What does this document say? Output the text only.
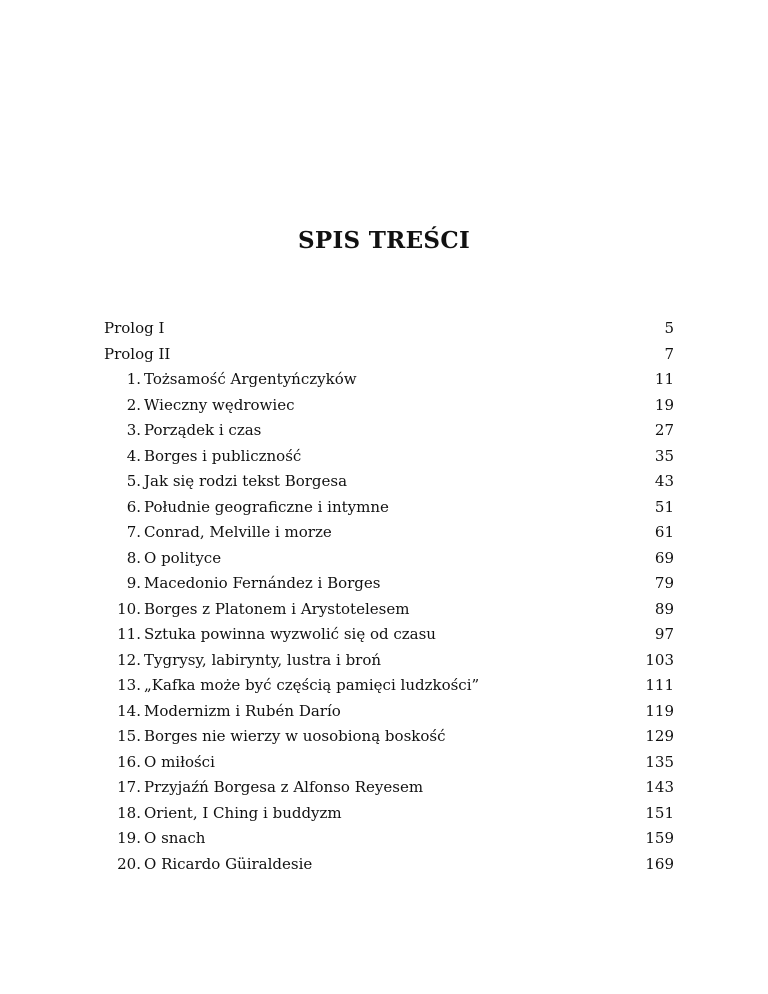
SPIS TREŚCI
Prolog I	5
Prolog II	7
1. Tożsamość Argentyńczyków	11
2. Wieczny wędrowiec	19
3. Porządek i czas	27
4. Borges i publiczność	35
5. Jak się rodzi tekst Borgesa	43
6. Południe geograficzne i intymne	51
7. Conrad, Melville i morze	61
8. O polityce	69
9. Macedonio Fernández i Borges	79
10. Borges z Platonem i Arystotelesem	89
11. Sztuka powinna wyzwolić się od czasu	97
12. Tygrysy, labirynty, lustra i broń	103
13. „Kafka może być częścią pamięci ludzkości”	111
14. Modernizm i Rubén Darío	119
15. Borges nie wierzy w uosobioną boskość	129
16. O miłości	135
17. Przyjaźń Borgesa z Alfonso Reyesem	143
18. Orient, I Ching i buddyzm	151
19. O snach	159
20. O Ricardo Güiraldesie	169
